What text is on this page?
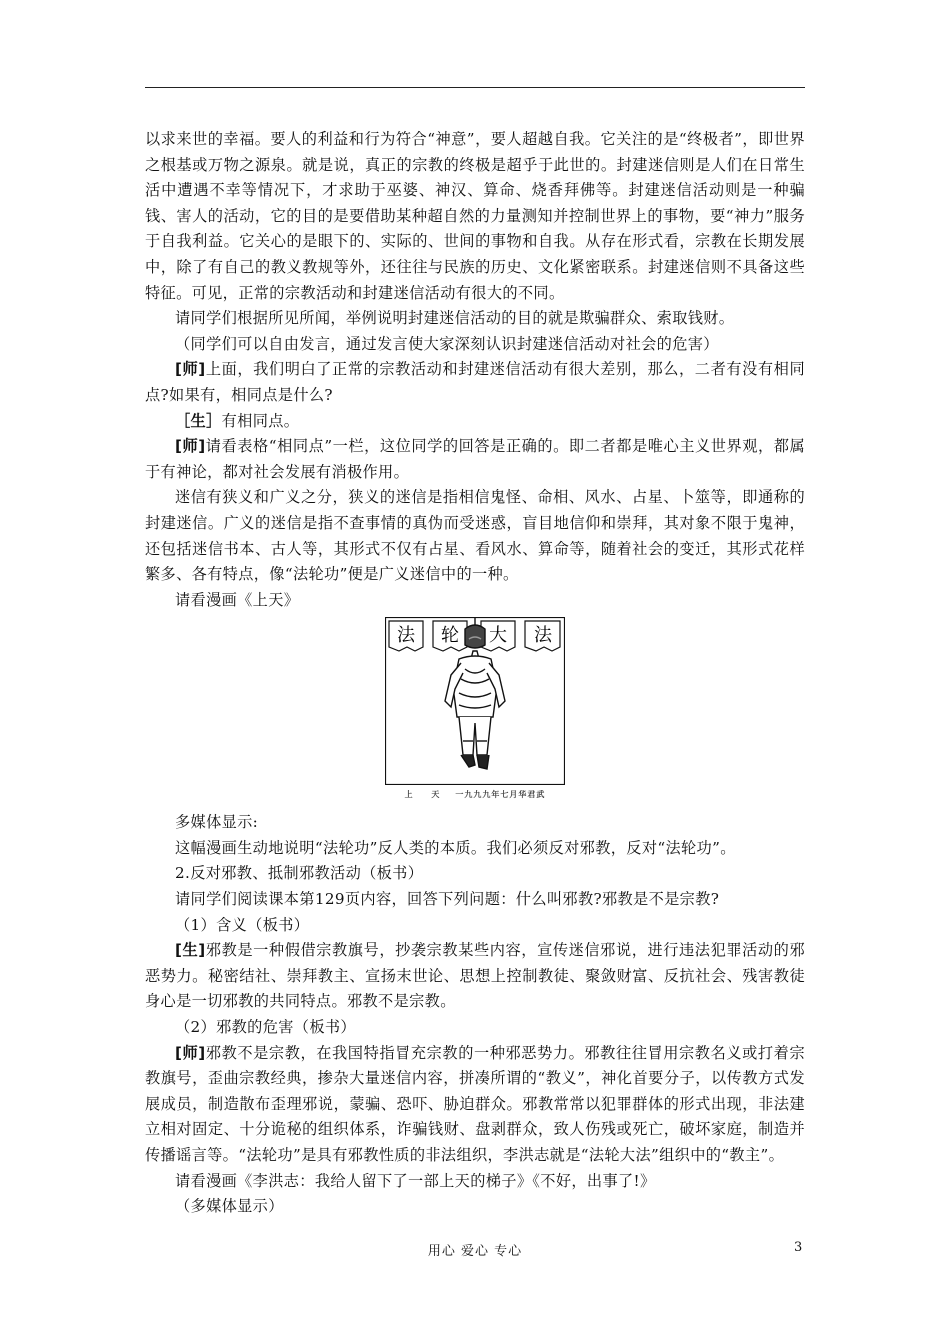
以求来世的幸福。要人的利益和行为符合“神意”，要人超越自我。它关注的是“终极者”，即世界之根基或万物之源泉。就是说，真正的宗教的终极是超乎于此世的。封建迷信则是人们在日常生活中遭遇不幸等情况下，才求助于巫婆、神汉、算命、烧香拜佛等。封建迷信活动则是一种骗钱、害人的活动，它的目的是要借助某种超自然的力量测知并控制世界上的事物，要“神力”服务于自我利益。它关心的是眼下的、实际的、世间的事物和自我。从存在形式看，宗教在长期发展中，除了有自己的教义教规等外，还往往与民族的历史、文化紧密联系。封建迷信则不具备这些特征。可见，正常的宗教活动和封建迷信活动有很大的不同。

请同学们根据所见所闻，举例说明封建迷信活动的目的就是欺骗群众、索取钱财。

（同学们可以自由发言，通过发言使大家深刻认识封建迷信活动对社会的危害）

[师]上面，我们明白了正常的宗教活动和封建迷信活动有很大差别，那么，二者有没有相同点?如果有，相同点是什么?

［生］有相同点。

[师]请看表格“相同点”一栏，这位同学的回答是正确的。即二者都是唯心主义世界观，都属于有神论，都对社会发展有消极作用。

迷信有狭义和广义之分，狭义的迷信是指相信鬼怪、命相、风水、占星、卜筮等，即通称的封建迷信。广义的迷信是指不查事情的真伪而受迷惑，盲目地信仰和崇拜，其对象不限于鬼神，还包括迷信书本、古人等，其形式不仅有占星、看风水、算命等，随着社会的变迁，其形式花样繁多、各有特点，像“法轮功”便是广义迷信中的一种。

请看漫画《上天》

法 轮 大 法
上 天 一九九九年七月华君武

多媒体显示:

这幅漫画生动地说明“法轮功”反人类的本质。我们必须反对邪教，反对“法轮功”。

2.反对邪教、抵制邪教活动（板书）

请同学们阅读课本第129页内容，回答下列问题：什么叫邪教?邪教是不是宗教?

（1）含义（板书）

[生]邪教是一种假借宗教旗号，抄袭宗教某些内容，宣传迷信邪说，进行违法犯罪活动的邪恶势力。秘密结社、崇拜教主、宣扬末世论、思想上控制教徒、聚敛财富、反抗社会、残害教徒身心是一切邪教的共同特点。邪教不是宗教。

（2）邪教的危害（板书）

[师]邪教不是宗教，在我国特指冒充宗教的一种邪恶势力。邪教往往冒用宗教名义或打着宗教旗号，歪曲宗教经典，掺杂大量迷信内容，拼凑所谓的“教义”，神化首要分子，以传教方式发展成员，制造散布歪理邪说，蒙骗、恐吓、胁迫群众。邪教常常以犯罪群体的形式出现，非法建立相对固定、十分诡秘的组织体系，诈骗钱财、盘剥群众，致人伤残或死亡，破坏家庭，制造并传播谣言等。“法轮功”是具有邪教性质的非法组织，李洪志就是“法轮大法”组织中的“教主”。

请看漫画《李洪志：我给人留下了一部上天的梯子》《不好，出事了!》

（多媒体显示）

用心 爱心 专心	3
